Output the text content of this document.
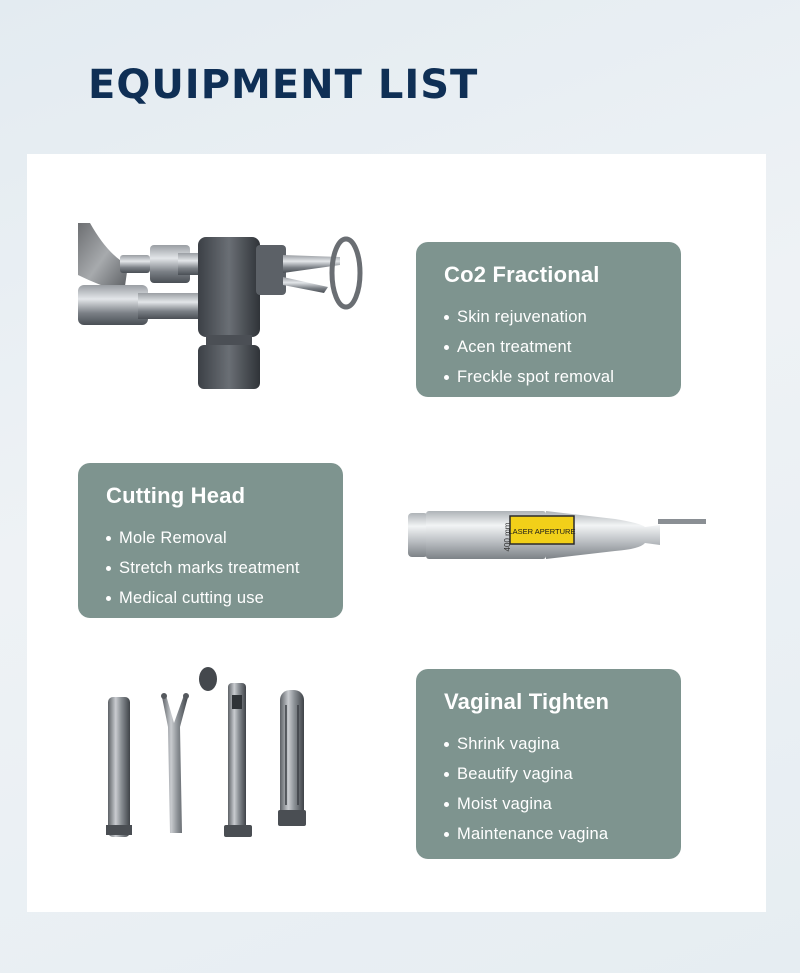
EQUIPMENT LIST
Co2 Fractional
Skin rejuvenation
Acen treatment
Freckle spot removal
Cutting Head
Mole Removal
Stretch marks treatment
Medical cutting use
LASER APERTURE
400 mm
Vaginal Tighten
Shrink vagina
Beautify vagina
Moist vagina
Maintenance vagina
